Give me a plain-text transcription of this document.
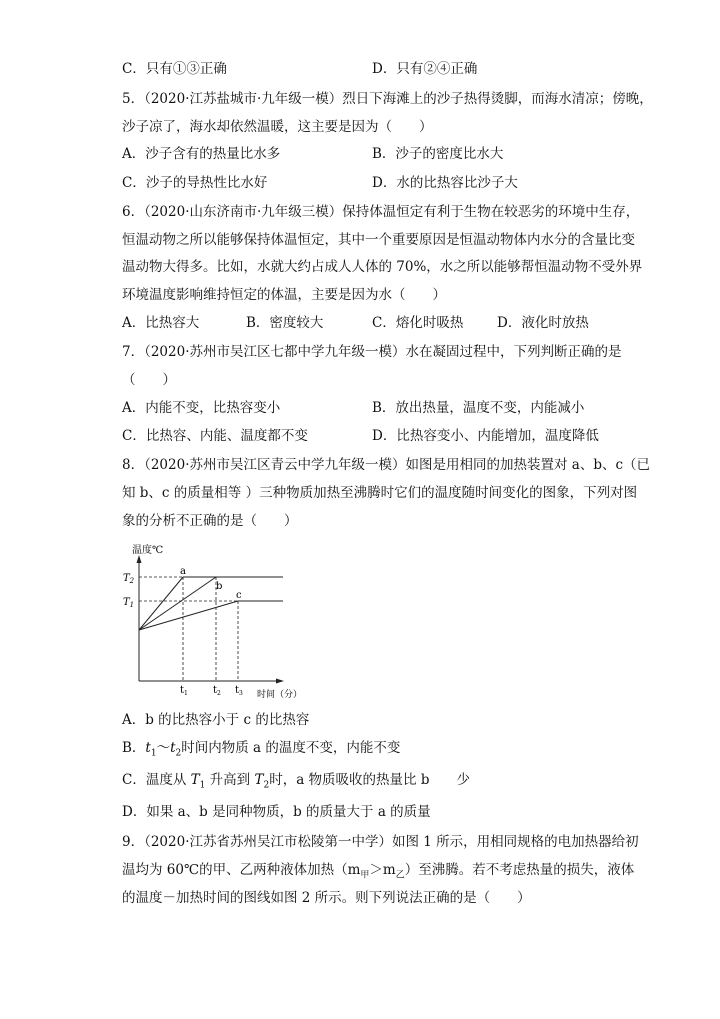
C．只有①③正确	D．只有②④正确
5．（2020·江苏盐城市·九年级一模）烈日下海滩上的沙子热得烫脚，而海水清凉；傍晚，
沙子凉了，海水却依然温暖，这主要是因为（　　）
A．沙子含有的热量比水多	B．沙子的密度比水大
C．沙子的导热性比水好	D．水的比热容比沙子大
6．（2020·山东济南市·九年级三模）保持体温恒定有利于生物在较恶劣的环境中生存，
恒温动物之所以能够保持体温恒定，其中一个重要原因是恒温动物体内水分的含量比变
温动物大得多。比如，水就大约占成人人体的 70%，水之所以能够帮恒温动物不受外界
环境温度影响维持恒定的体温，主要是因为水（　　）
A．比热容大	B．密度较大	C．熔化时吸热 D．液化时放热
7．（2020·苏州市吴江区七都中学九年级一模）水在凝固过程中，下列判断正确的是
（　　）
A．内能不变，比热容变小	B．放出热量，温度不变，内能减小
C．比热容、内能、温度都不变	D．比热容变小、内能增加，温度降低
8．（2020·苏州市吴江区青云中学九年级一模）如图是用相同的加热装置对 a、b、c（已
知 b、c 的质量相等 ）三种物质加热至沸腾时它们的温度随时间变化的图象，下列对图
象的分析不正确的是（　　）
温度℃
时间（分）
$T_2$
$T_1$
$t_1$	$t_2$ $t_3$
a
b
c
A．b 的比热容小于 c 的比热容
B．$t_1\sim t_2$时间内物质 a 的温度不变，内能不变
C．温度从 $T_1$ 升高到 $T_2$时，a 物质吸收的热量比 b　　少
D．如果 a、b 是同种物质，b 的质量大于 a 的质量
9．（2020·江苏省苏州吴江市松陵第一中学）如图 1 所示，用相同规格的电加热器给初
温均为 60℃的甲、乙两种液体加热$(m_甲>m_乙)$至沸腾。若不考虑热量的损失，液体
的温度－加热时间的图线如图 2 所示。则下列说法正确的是（　　）
